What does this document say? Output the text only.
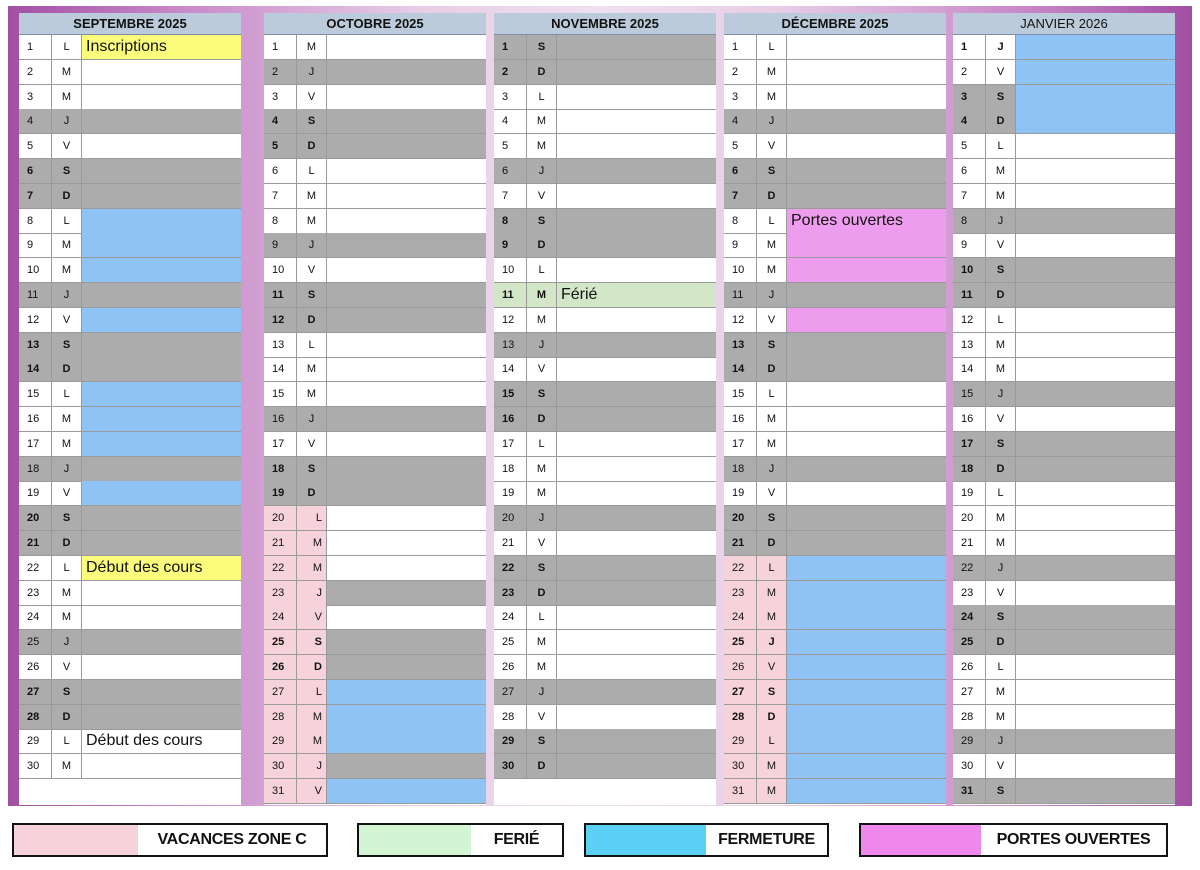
SEPTEMBRE 2025
1	L	Inscriptions
2	M
3	M
4	J
5	V
6	S
7	D
8	L
9	M
10	M
11	J
12	V
13	S
14	D
15	L
16	M
17	M
18	J
19	V
20	S
21	D
22	L	Début des cours
23	M
24	M
25	J
26	V
27	S
28	D
29	L	Début des cours
30	M
OCTOBRE 2025
1	M
2	J
3	V
4	S
5	D
6	L
7	M
8	M
9	J
10	V
11	S
12	D
13	L
14	M
15	M
16	J
17	V
18	S
19	D
20	L
21	M
22	M
23	J
24	V
25	S
26	D
27	L
28	M
29	M
30	J
31	V
NOVEMBRE 2025
1	S
2	D
3	L
4	M
5	M
6	J
7	V
8	S
9	D
10	L
11	M Férié
12	M
13	J
14	V
15	S
16	D
17	L
18	M
19	M
20	J
21	V
22	S
23	D
24	L
25	M
26	M
27	J
28	V
29	S
30	D
DÉCEMBRE 2025
1	L
2	M
3	M
4	J
5	V
6	S
7	D
8	L	Portes ouvertes
9	M
10	M
11	J
12	V
13	S
14	D
15	L
16	M
17	M
18	J
19	V
20	S
21	D
22	L
23	M
24	M
25	J
26	V
27	S
28	D
29	L
30	M
31	M
JANVIER 2026
1	J
2	V
3	S
4	D
5	L
6	M
7	M
8	J
9	V
10	S
11	D
12	L
13	M
14	M
15	J
16	V
17	S
18	D
19	L
20	M
21	M
22	J
23	V
24	S
25	D
26	L
27	M
28	M
29	J
30	V
31	S
VACANCES ZONE C	FERIÉ	FERMETURE	PORTES OUVERTES
